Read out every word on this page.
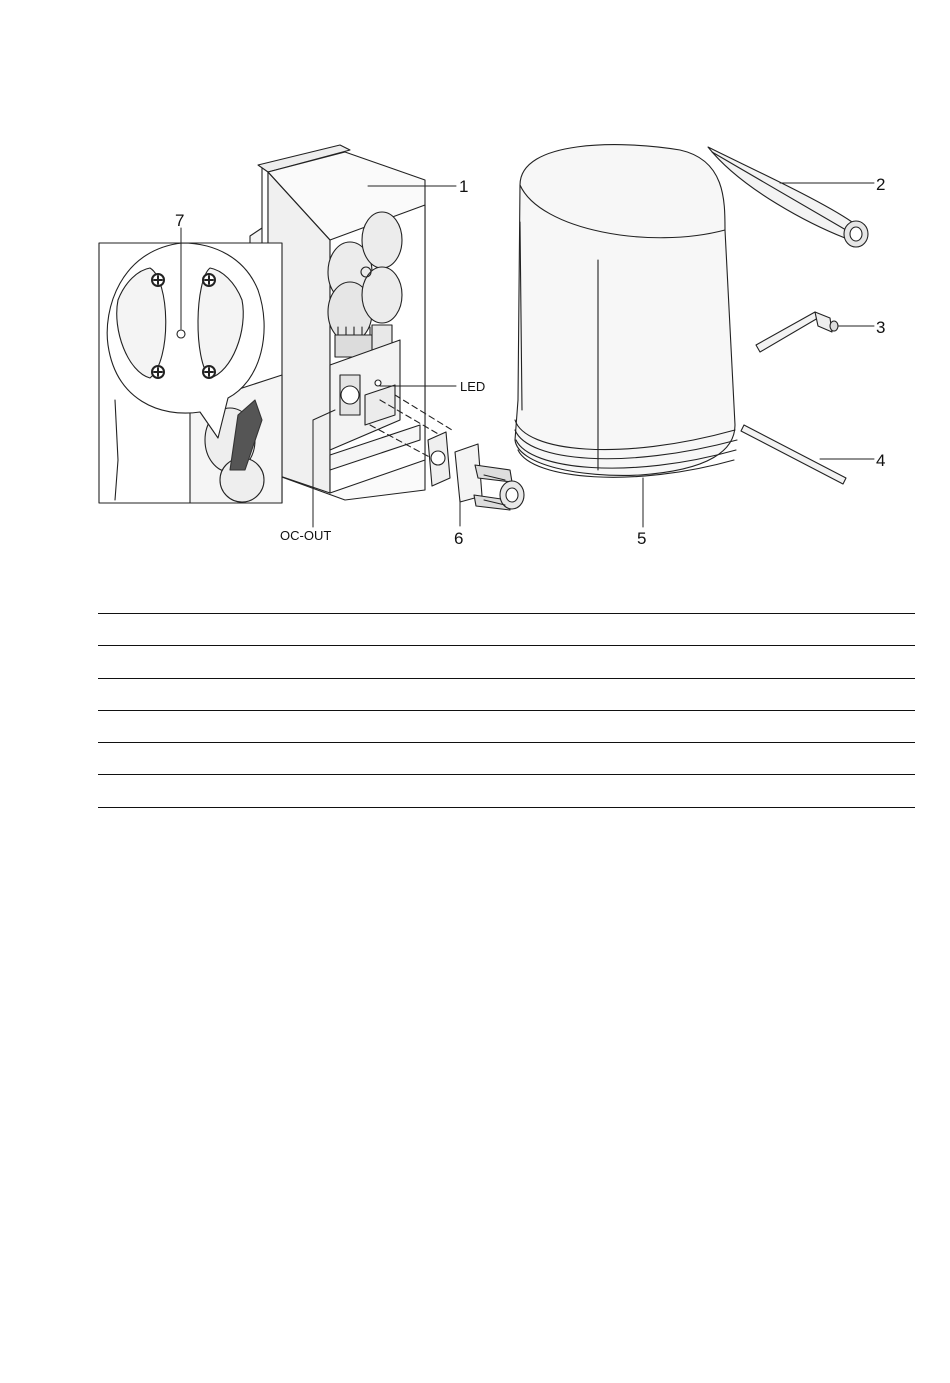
1	2
3
4
5
6
7
LED
OC-OUT
